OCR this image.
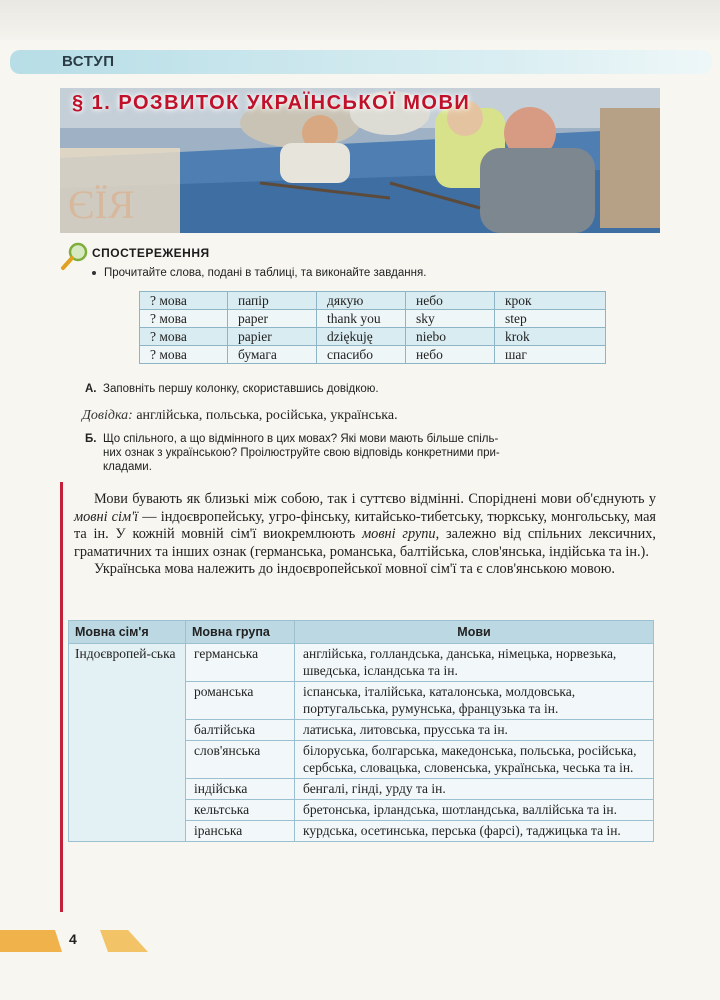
ВСТУП
ЄЇЯ
§ 1. РОЗВИТОК УКРАЇНСЬКОЇ МОВИ
СПОСТЕРЕЖЕННЯ
Прочитайте слова, подані в таблиці, та виконайте завдання.
? мова	папір	дякую	небо	крок
? мова	paper	thank you	sky	step
? мова	papier	dziękuję	niebo	krok
? мова	бумага	спасибо	небо	шаг
А. Заповніть першу колонку, скориставшись довідкою.
Довідка: англійська, польська, російська, українська.
Б. Що спільного, а що відмінного в цих мовах? Які мови мають більше спіль-
них ознак з українською? Проілюструйте свою відповідь конкретними при-
кладами.

Мови бувають як близькі між собою, так і суттєво відмінні. Споріднені мови об'єднують у мовні сім'ї — індоєвропейську, угро-фінську, китайсько-тибетську, тюркську, монгольську, мая та ін. У кожній мовній сім'ї виокремлюють мовні групи, залежно від спільних лексичних, граматичних та інших ознак (германська, романська, балтійська, слов'янська, індійська та ін.).

Українська мова належить до індоєвропейської мовної сім'ї та є слов'янською мовою.

Мовна сім'я	Мовна група	Мови
Індоєвропей-ська	германська	англійська, голландська, данська, німецька, норвезька, шведська, ісландська та ін.
	романська	іспанська, італійська, каталонська, молдовська, португальська, румунська, французька та ін.
	балтійська	латиська, литовська, прусська та ін.
	слов'янська	білоруська, болгарська, македонська, польська, російська, сербська, словацька, словенська, українська, чеська та ін.
	індійська	бенгалі, гінді, урду та ін.
	кельтська	бретонська, ірландська, шотландська, валлійська та ін.
	іранська	курдська, осетинська, перська (фарсі), таджицька та ін.
4
